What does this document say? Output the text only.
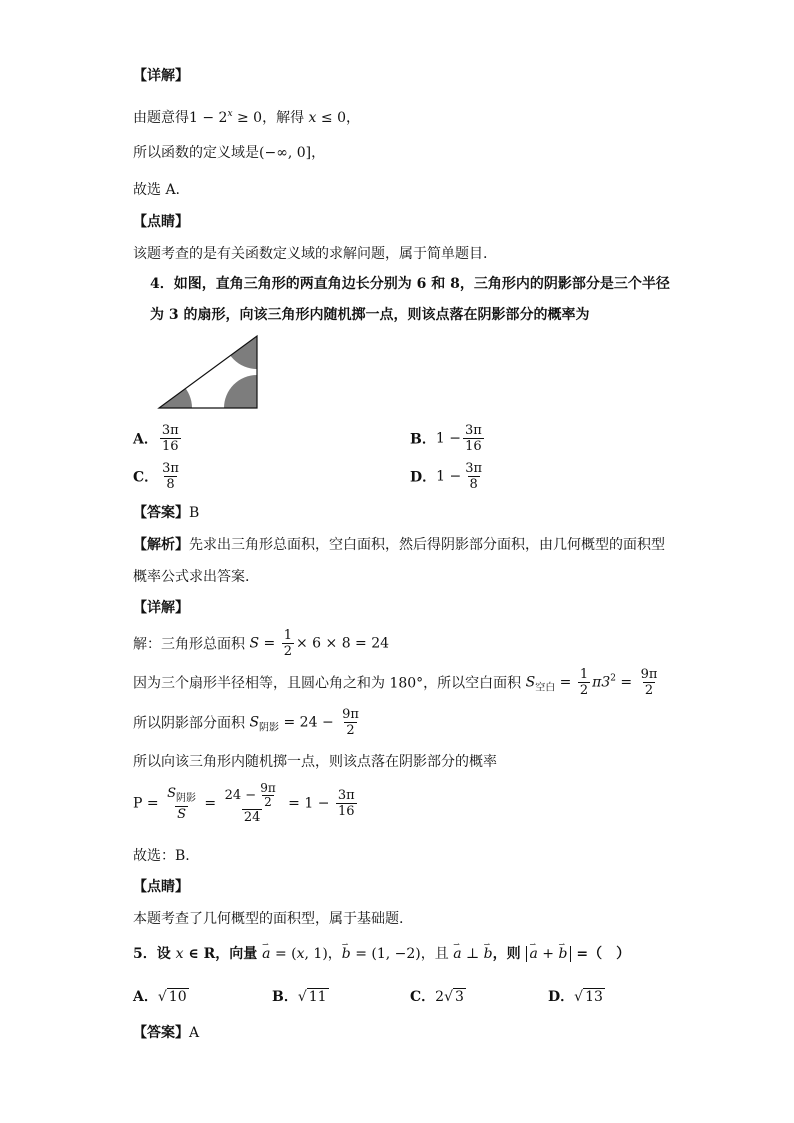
【详解】
由题意得$1 - 2^x \ge 0$，解得 x ≤ 0，
所以函数的定义域是(−∞, 0]，
故选 A.
【点睛】
该题考查的是有关函数定义域的求解问题，属于简单题目.
4．如图，直角三角形的两直角边长分别为 6 和 8，三角形内的阴影部分是三个半径
为 3 的扇形，向该三角形内随机掷一点，则该点落在阴影部分的概率为
A． $\frac{3\pi}{16}$	B．$1 - \frac{3\pi}{16}$
C． $\frac{3\pi}{8}$	D．$1 - \frac{3\pi}{8}$
【答案】B
【解析】先求出三角形总面积，空白面积，然后得阴影部分面积，由几何概型的面积型
概率公式求出答案.
【详解】
解：三角形总面积 $S = \frac{1}{2} \times 6 \times 8 = 24$
因为三个扇形半径相等，且圆心角之和为 180°，所以空白面积 $S_{空白} = \frac{1}{2} \pi 3^2 = \frac{9\pi}{2}$
所以阴影部分面积 $S_{阴影} = 24 - \frac{9\pi}{2}$
所以向该三角形内随机掷一点，则该点落在阴影部分的概率
$P = \frac{S_{阴影}}{S} = \frac{24 - \frac{9\pi}{2}}{24} = 1 - \frac{3\pi}{16}$
故选：B.
【点睛】
本题考查了几何概型的面积型，属于基础题.
5．设 x ∈ R，向量 ⇀ a = (x, 1)，⇀ b = (1, −2)，且 ⇀ a ⊥ ⇀ b，则 ⇀ a + ⇀ b =（　）
A．√ 10	B．√ 11	C．2√ 3	D．√ 13
【答案】A
